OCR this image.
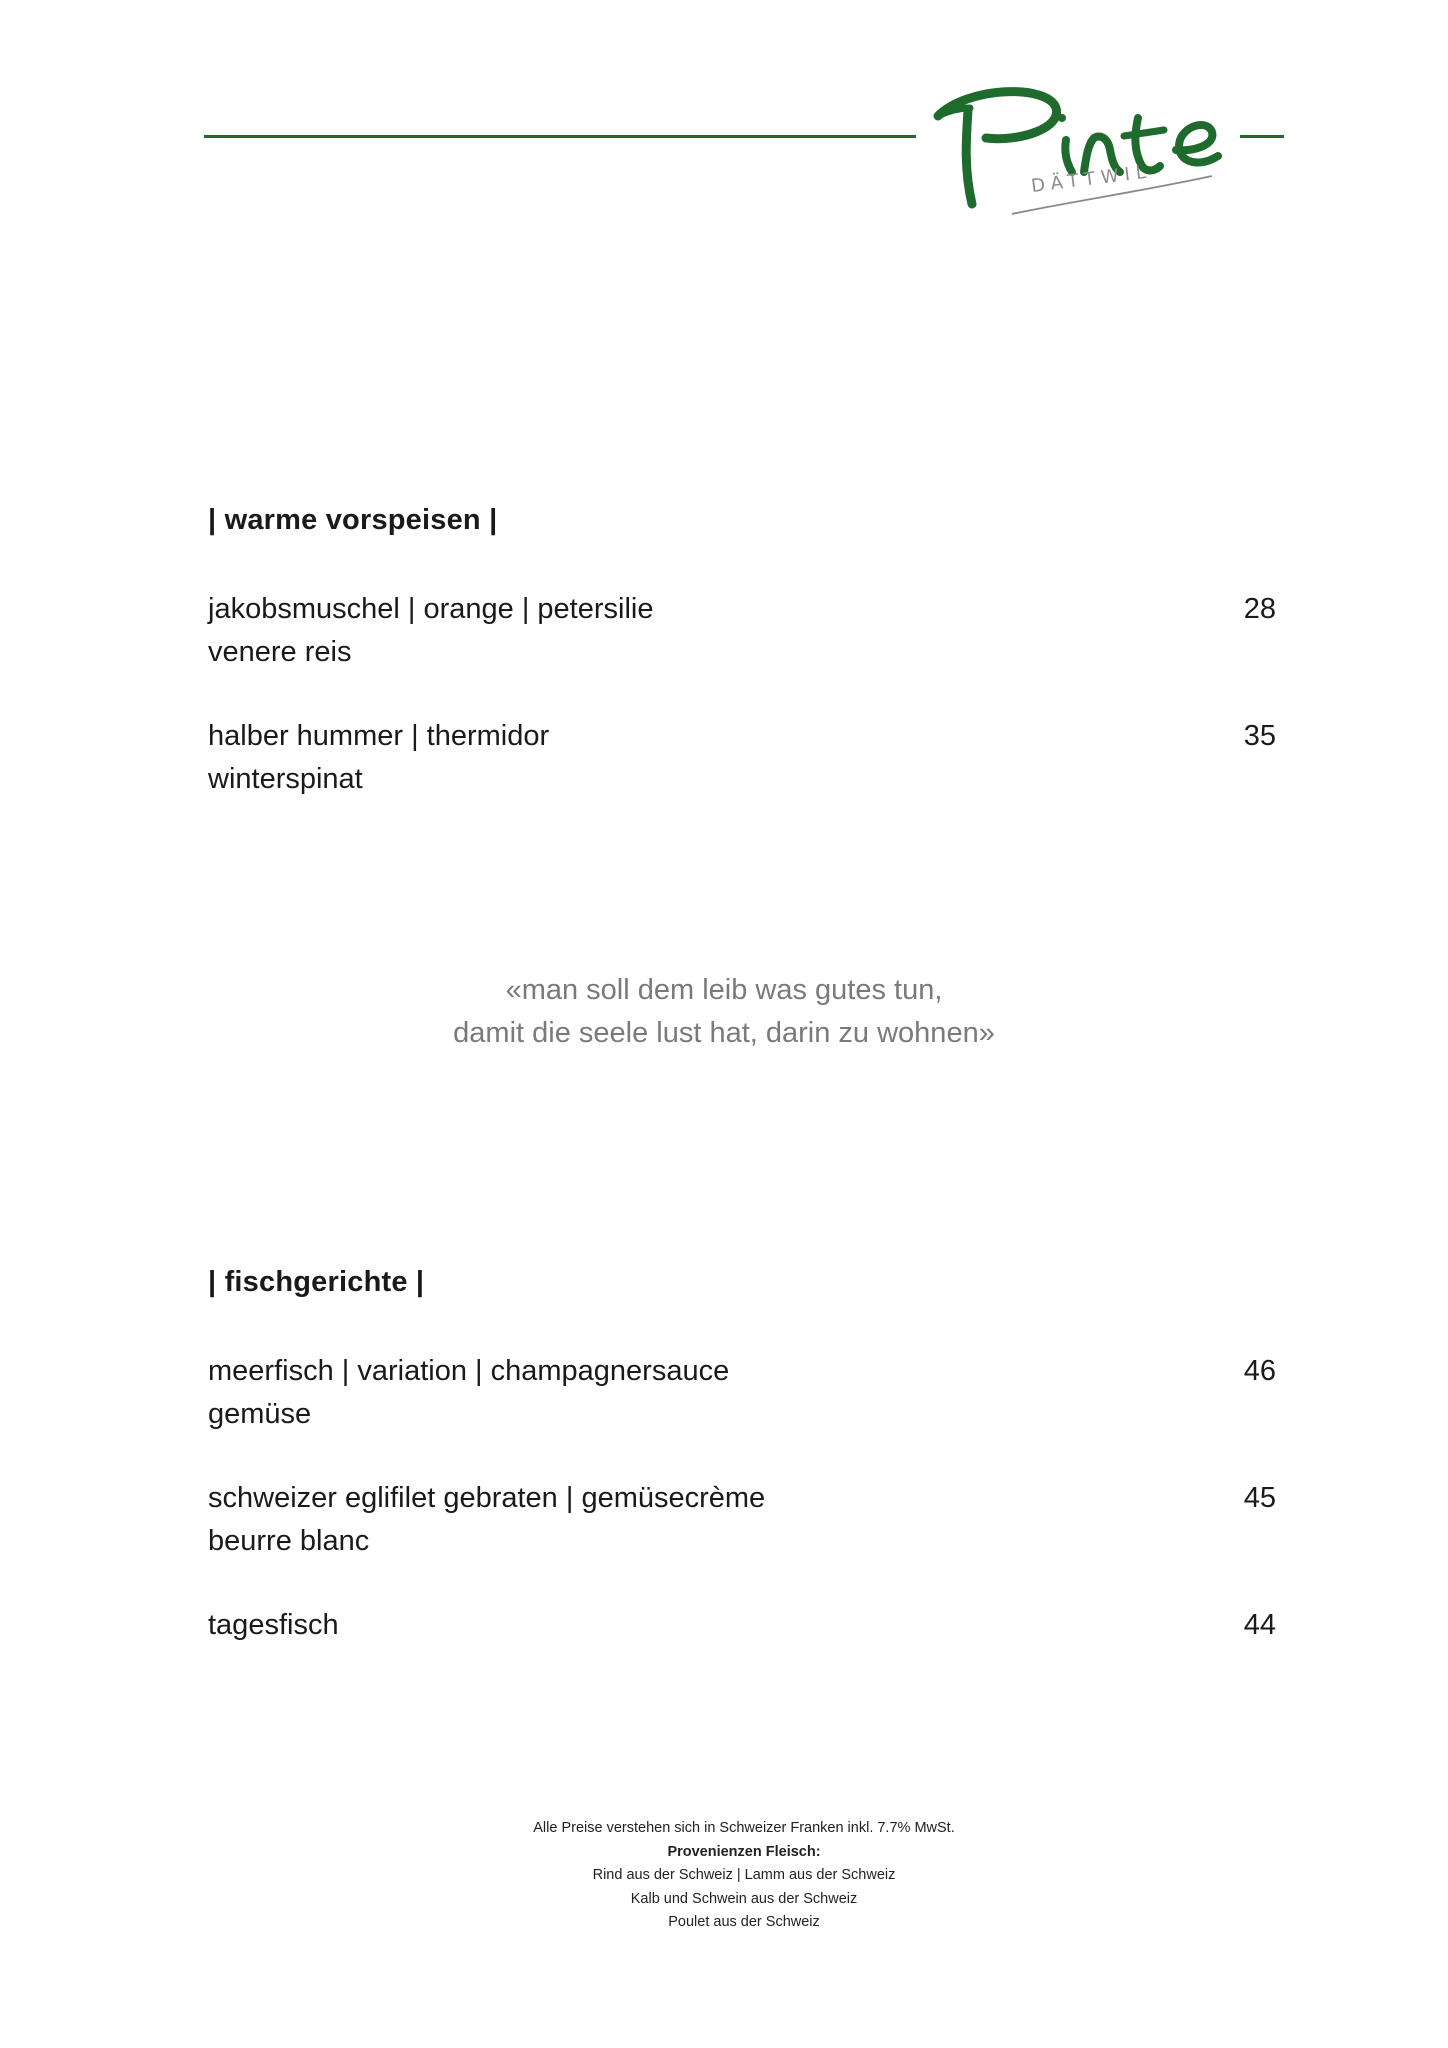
DÄTTWIL
| warme vorspeisen |
jakobsmuschel | orange | petersilie
venere reis
28
halber hummer | thermidor
winterspinat
35
«man soll dem leib was gutes tun,
damit die seele lust hat, darin zu wohnen»
| fischgerichte |
meerfisch | variation | champagnersauce
gemüse
46
schweizer eglifilet gebraten | gemüsecrème
beurre blanc
45
tagesfisch	44
Alle Preise verstehen sich in Schweizer Franken inkl. 7.7% MwSt.
Provenienzen Fleisch:
Rind aus der Schweiz | Lamm aus der Schweiz
Kalb und Schwein aus der Schweiz
Poulet aus der Schweiz
